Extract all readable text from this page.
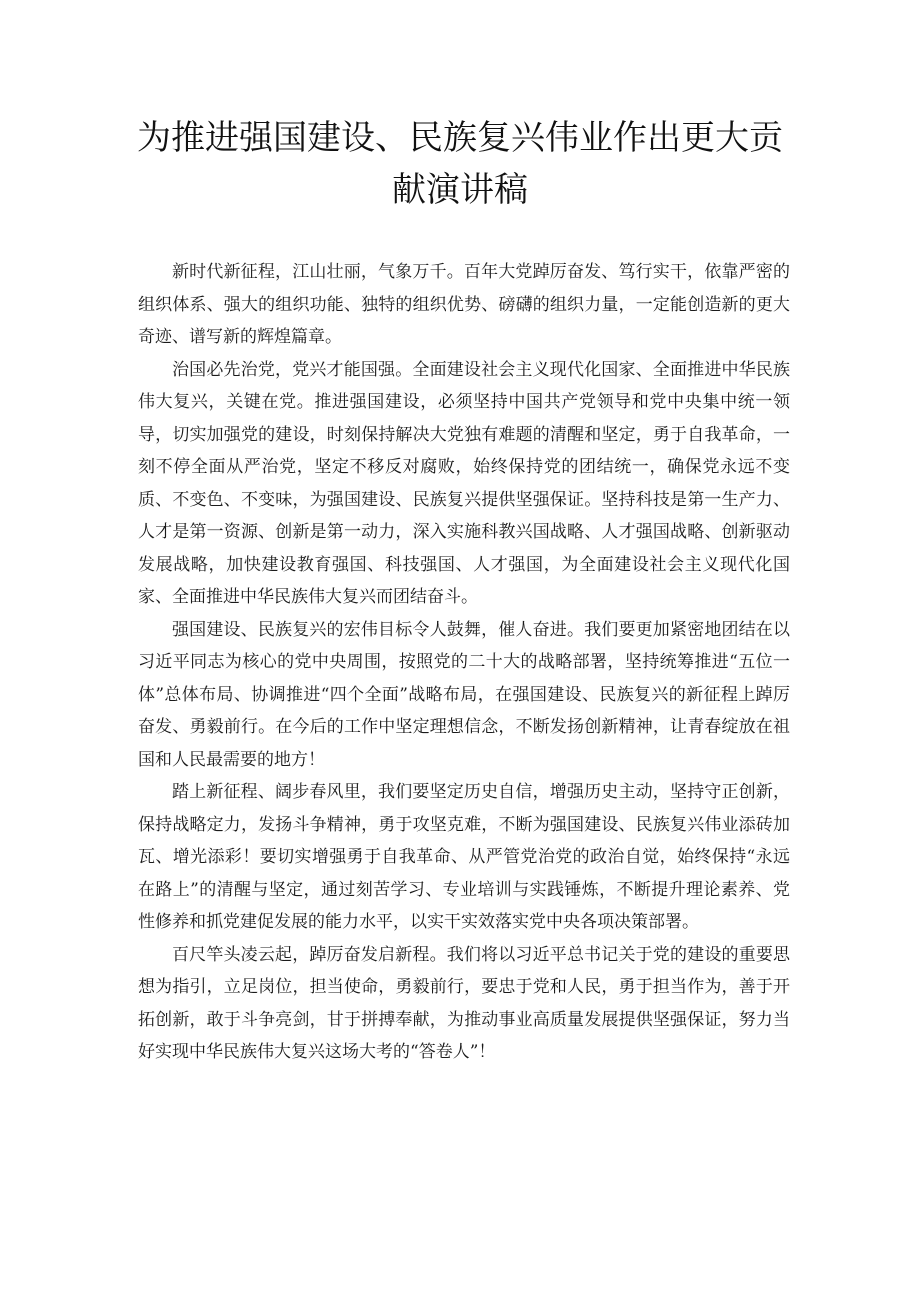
为推进强国建设、民族复兴伟业作出更大贡
献演讲稿

新时代新征程，江山壮丽，气象万千。百年大党踔厉奋发、笃行实干，依靠严密的组织体系、强大的组织功能、独特的组织优势、磅礴的组织力量，一定能创造新的更大奇迹、谱写新的辉煌篇章。

治国必先治党，党兴才能国强。全面建设社会主义现代化国家、全面推进中华民族伟大复兴，关键在党。推进强国建设，必须坚持中国共产党领导和党中央集中统一领导，切实加强党的建设，时刻保持解决大党独有难题的清醒和坚定，勇于自我革命，一刻不停全面从严治党，坚定不移反对腐败，始终保持党的团结统一，确保党永远不变质、不变色、不变味，为强国建设、民族复兴提供坚强保证。坚持科技是第一生产力、人才是第一资源、创新是第一动力，深入实施科教兴国战略、人才强国战略、创新驱动发展战略，加快建设教育强国、科技强国、人才强国，为全面建设社会主义现代化国家、全面推进中华民族伟大复兴而团结奋斗。

强国建设、民族复兴的宏伟目标令人鼓舞，催人奋进。我们要更加紧密地团结在以习近平同志为核心的党中央周围，按照党的二十大的战略部署，坚持统筹推进“五位一体”总体布局、协调推进“四个全面”战略布局，在强国建设、民族复兴的新征程上踔厉奋发、勇毅前行。在今后的工作中坚定理想信念，不断发扬创新精神，让青春绽放在祖国和人民最需要的地方！

踏上新征程、阔步春风里，我们要坚定历史自信，增强历史主动，坚持守正创新，保持战略定力，发扬斗争精神，勇于攻坚克难，不断为强国建设、民族复兴伟业添砖加瓦、增光添彩！要切实增强勇于自我革命、从严管党治党的政治自觉，始终保持“永远在路上”的清醒与坚定，通过刻苦学习、专业培训与实践锤炼，不断提升理论素养、党性修养和抓党建促发展的能力水平，以实干实效落实党中央各项决策部署。

百尺竿头凌云起，踔厉奋发启新程。我们将以习近平总书记关于党的建设的重要思想为指引，立足岗位，担当使命，勇毅前行，要忠于党和人民，勇于担当作为，善于开拓创新，敢于斗争亮剑，甘于拼搏奉献，为推动事业高质量发展提供坚强保证，努力当好实现中华民族伟大复兴这场大考的“答卷人”！
